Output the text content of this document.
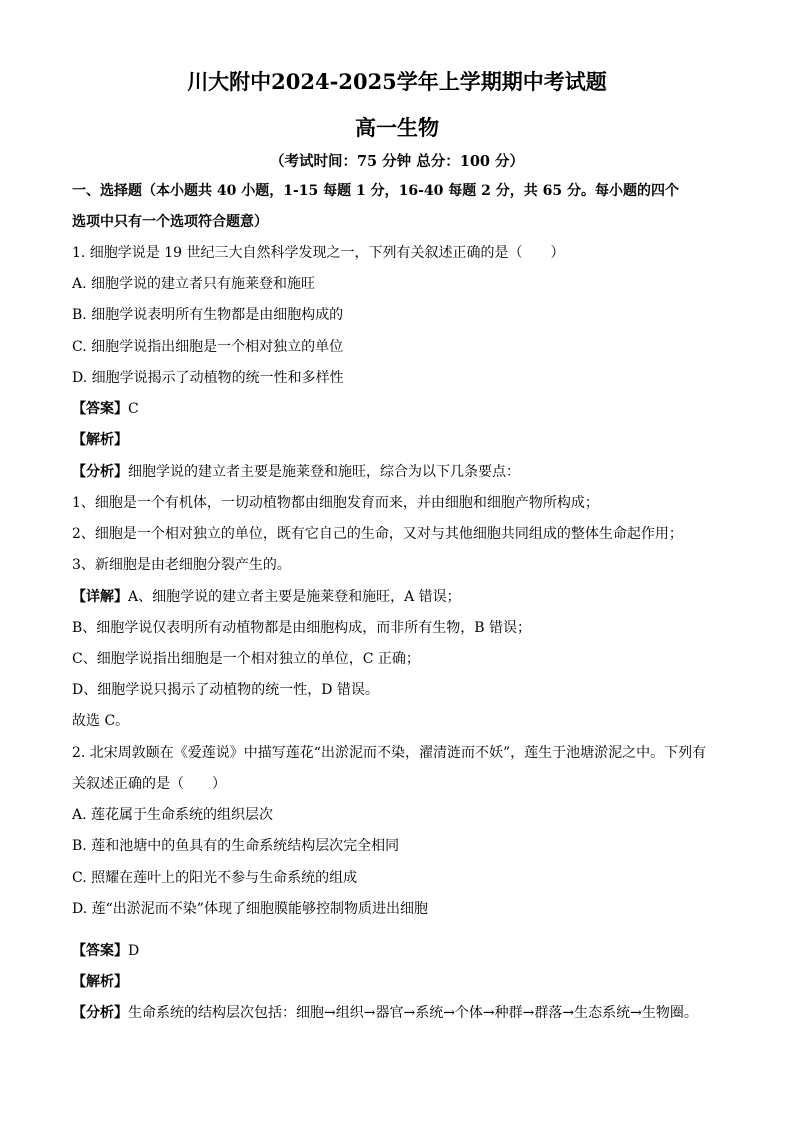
川大附中2024-2025学年上学期期中考试题
高一生物
（考试时间：75 分钟 总分：100 分）
一、选择题（本小题共 40 小题，1-15 每题 1 分，16-40 每题 2 分，共 65 分。每小题的四个
选项中只有一个选项符合题意）
1. 细胞学说是 19 世纪三大自然科学发现之一，下列有关叙述正确的是（　　）
A. 细胞学说的建立者只有施莱登和施旺
B. 细胞学说表明所有生物都是由细胞构成的
C. 细胞学说指出细胞是一个相对独立的单位
D. 细胞学说揭示了动植物的统一性和多样性
【答案】C
【解析】
【分析】细胞学说的建立者主要是施莱登和施旺，综合为以下几条要点：
1、细胞是一个有机体，一切动植物都由细胞发育而来，并由细胞和细胞产物所构成；
2、细胞是一个相对独立的单位，既有它自己的生命，又对与其他细胞共同组成的整体生命起作用；
3、新细胞是由老细胞分裂产生的。
【详解】A、细胞学说的建立者主要是施莱登和施旺，A 错误；
B、细胞学说仅表明所有动植物都是由细胞构成，而非所有生物，B 错误；
C、细胞学说指出细胞是一个相对独立的单位，C 正确；
D、细胞学说只揭示了动植物的统一性，D 错误。
故选 C。
2. 北宋周敦颐在《爱莲说》中描写莲花“出淤泥而不染，濯清涟而不妖”，莲生于池塘淤泥之中。下列有
关叙述正确的是（　　）
A. 莲花属于生命系统的组织层次
B. 莲和池塘中的鱼具有的生命系统结构层次完全相同
C. 照耀在莲叶上的阳光不参与生命系统的组成
D. 莲“出淤泥而不染”体现了细胞膜能够控制物质进出细胞
【答案】D
【解析】
【分析】生命系统的结构层次包括：细胞→组织→器官→系统→个体→种群→群落→生态系统→生物圈。
